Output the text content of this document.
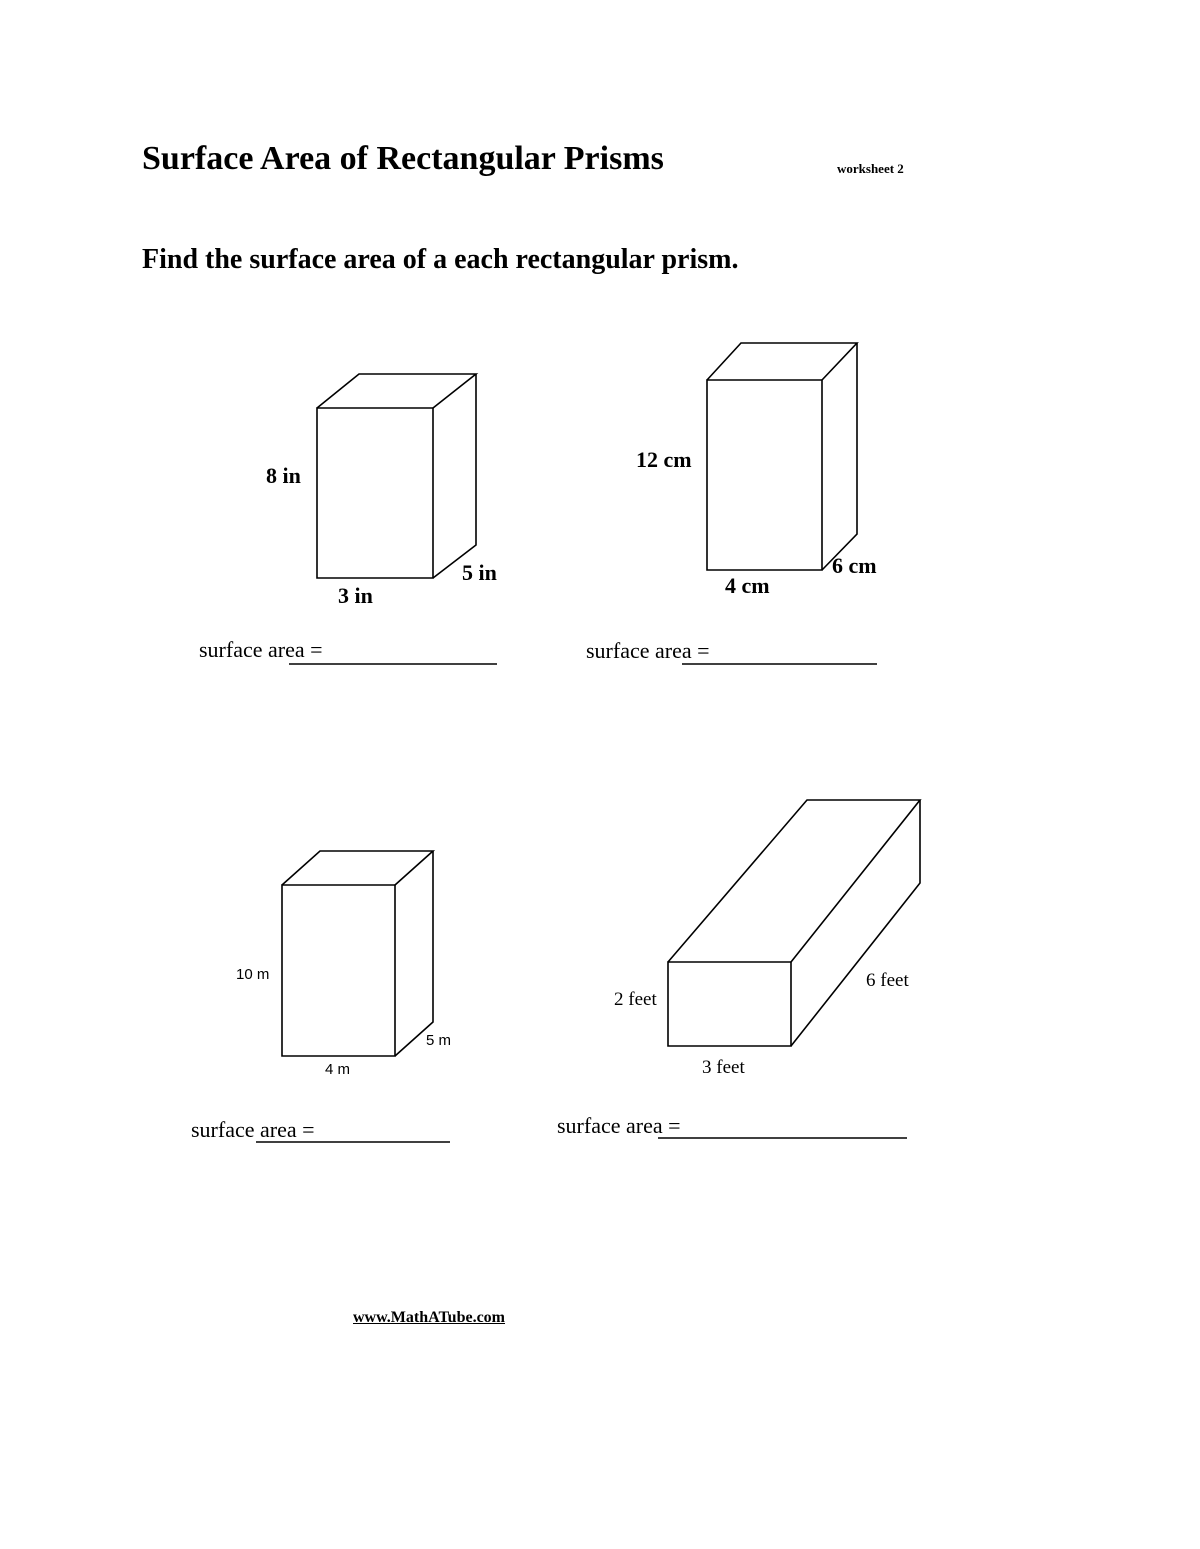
Surface Area of Rectangular Prisms	worksheet 2
Find the surface area of a each rectangular prism.
8 in
3 in
5 in
surface area =
12 cm
4 cm
6 cm
surface area =
10 m
4 m
5 m
surface area =
2 feet
3 feet
6 feet
surface area =
www.MathATube.com
